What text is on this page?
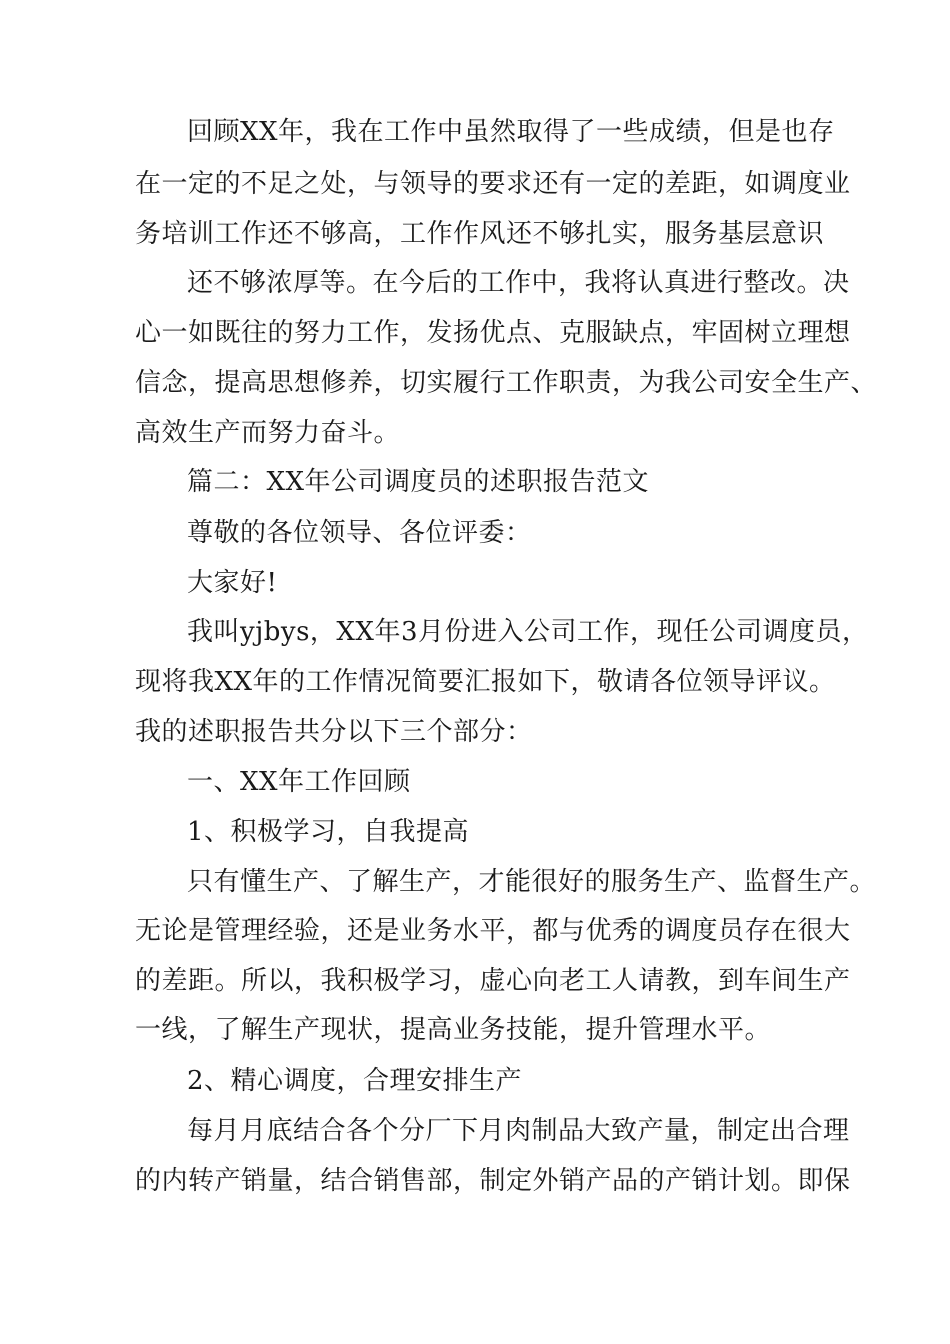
回顾XX年，我在工作中虽然取得了一些成绩，但是也存
在一定的不足之处，与领导的要求还有一定的差距，如调度业
务培训工作还不够高，工作作风还不够扎实，服务基层意识
还不够浓厚等。在今后的工作中，我将认真进行整改。决
心一如既往的努力工作，发扬优点、克服缺点，牢固树立理想
信念，提高思想修养，切实履行工作职责，为我公司安全生产、
高效生产而努力奋斗。
篇二：XX年公司调度员的述职报告范文
尊敬的各位领导、各位评委：
大家好!
我叫yjbys，XX年3月份进入公司工作，现任公司调度员，
现将我XX年的工作情况简要汇报如下，敬请各位领导评议。
我的述职报告共分以下三个部分：
一、XX年工作回顾
1、积极学习，自我提高
只有懂生产、了解生产，才能很好的服务生产、监督生产。
无论是管理经验，还是业务水平，都与优秀的调度员存在很大
的差距。所以，我积极学习，虚心向老工人请教，到车间生产
一线，了解生产现状，提高业务技能，提升管理水平。
2、精心调度，合理安排生产
每月月底结合各个分厂下月肉制品大致产量，制定出合理
的内转产销量，结合销售部，制定外销产品的产销计划。即保
